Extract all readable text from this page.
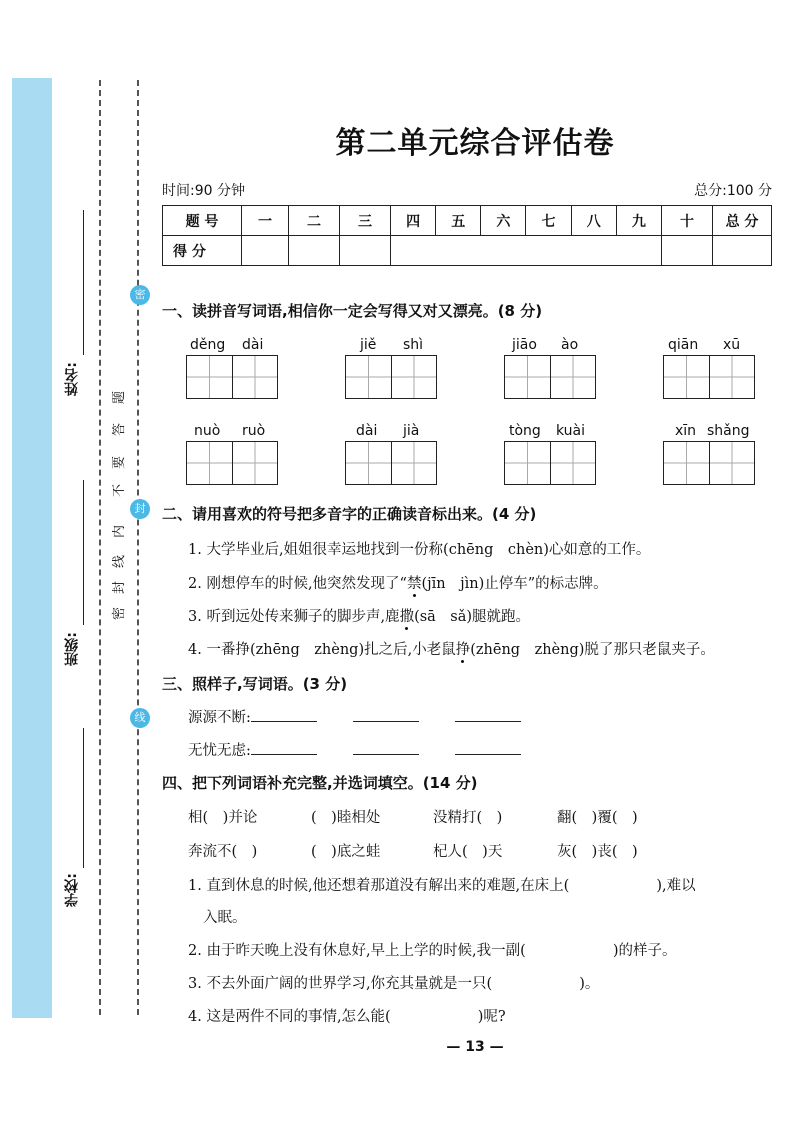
姓名:
班级:
学校:
密
封
线
内
不
要
答
题
密
封
线
第二单元综合评估卷
时间:90 分钟	总分:100 分
题 号	一	二	三	四	五	六	七	八	九	十	总 分
得 分											
一、读拼音写词语,相信你一定会写得又对又漂亮。(8 分)
děng dài	jiě shì	jiāo ào	qiān xū
nuò ruò	dài jià	tòng kuài	xīn shǎng
二、请用喜欢的符号把多音字的正确读音标出来。(4 分)
1. 大学毕业后,姐姐很幸运地找到一份称(chēng　chèn)心如意的工作。
2. 刚想停车的时候,他突然发现了“禁(jīn　jìn)止停车”的标志牌。
3. 听到远处传来狮子的脚步声,鹿撒(sā　sǎ)腿就跑。
4. 一番挣(zhēng　zhèng)扎之后,小老鼠挣(zhēng　zhèng)脱了那只老鼠夹子。
三、照样子,写词语。(3 分)
源源不断:
无忧无虑:
四、把下列词语补充完整,并选词填空。(14 分)
相(　)并论	(　)睦相处	没精打(　)	翻(　)覆(　)
奔流不(　)	(　)底之蛙	杞人(　)天	灰(　)丧(　)
1. 直到休息的时候,他还想着那道没有解出来的难题,在床上(　　　　　　),难以
入眠。
2. 由于昨天晚上没有休息好,早上上学的时候,我一副(　　　　　　)的样子。
3. 不去外面广阔的世界学习,你充其量就是一只(　　　　　　)。
4. 这是两件不同的事情,怎么能(　　　　　　)呢?
— 13 —
